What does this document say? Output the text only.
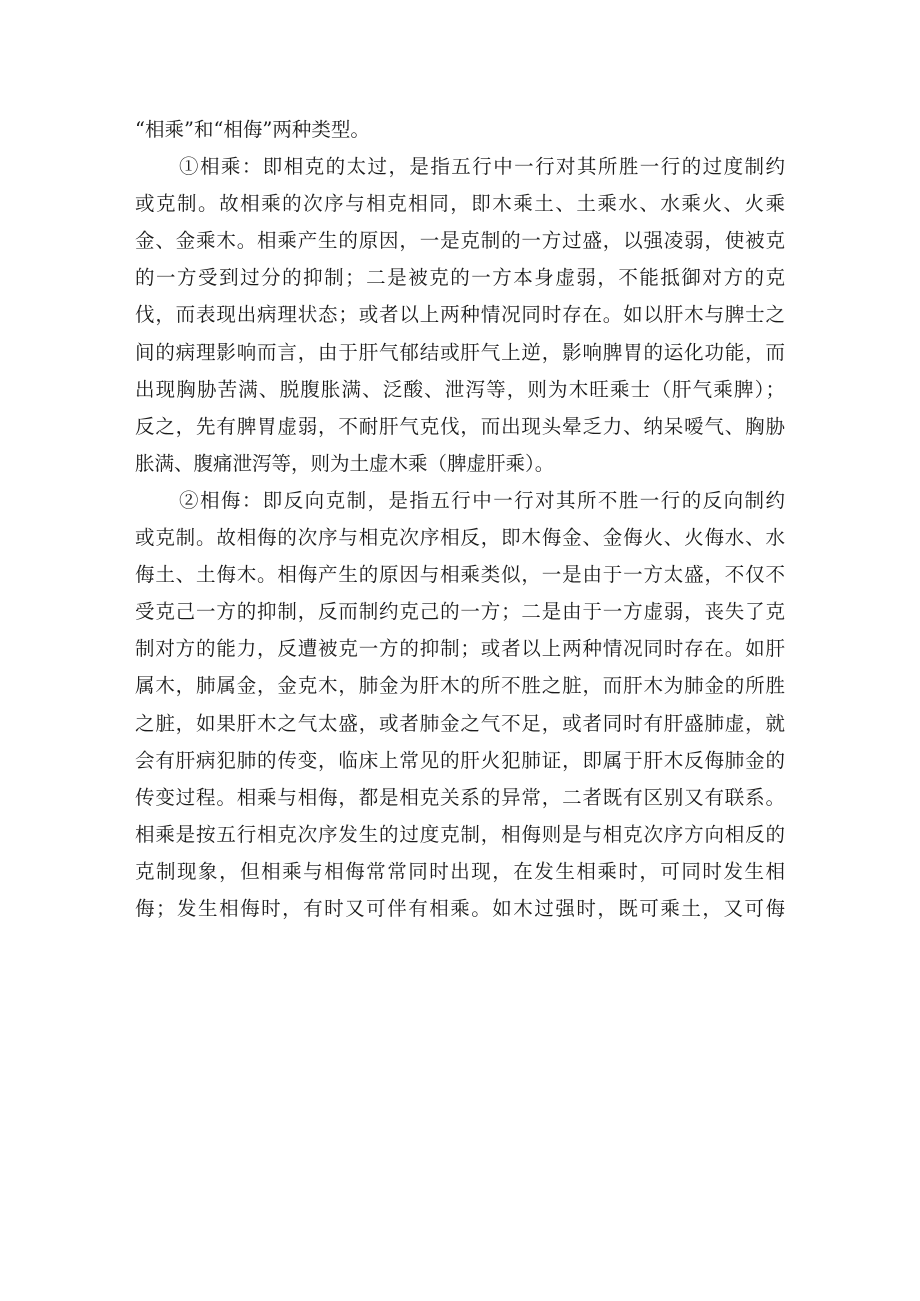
“相乘”和“相侮”两种类型。
①相乘：即相克的太过，是指五行中一行对其所胜一行的过度制约
或克制。故相乘的次序与相克相同，即木乘土、土乘水、水乘火、火乘
金、金乘木。相乘产生的原因，一是克制的一方过盛，以强凌弱，使被克
的一方受到过分的抑制；二是被克的一方本身虚弱，不能抵御对方的克
伐，而表现出病理状态；或者以上两种情况同时存在。如以肝木与脾士之
间的病理影响而言，由于肝气郁结或肝气上逆，影响脾胃的运化功能，而
出现胸胁苦满、脱腹胀满、泛酸、泄泻等，则为木旺乘士（肝气乘脾）；
反之，先有脾胃虚弱，不耐肝气克伐，而出现头晕乏力、纳呆嗳气、胸胁
胀满、腹痛泄泻等，则为土虚木乘（脾虚肝乘）。
②相侮：即反向克制，是指五行中一行对其所不胜一行的反向制约
或克制。故相侮的次序与相克次序相反，即木侮金、金侮火、火侮水、水
侮土、土侮木。相侮产生的原因与相乘类似，一是由于一方太盛，不仅不
受克己一方的抑制，反而制约克己的一方；二是由于一方虚弱，丧失了克
制对方的能力，反遭被克一方的抑制；或者以上两种情况同时存在。如肝
属木，肺属金，金克木，肺金为肝木的所不胜之脏，而肝木为肺金的所胜
之脏，如果肝木之气太盛，或者肺金之气不足，或者同时有肝盛肺虚，就
会有肝病犯肺的传变，临床上常见的肝火犯肺证，即属于肝木反侮肺金的
传变过程。相乘与相侮，都是相克关系的异常，二者既有区别又有联系。
相乘是按五行相克次序发生的过度克制，相侮则是与相克次序方向相反的
克制现象，但相乘与相侮常常同时出现，在发生相乘时，可同时发生相
侮；发生相侮时，有时又可伴有相乘。如木过强时，既可乘土，又可侮
